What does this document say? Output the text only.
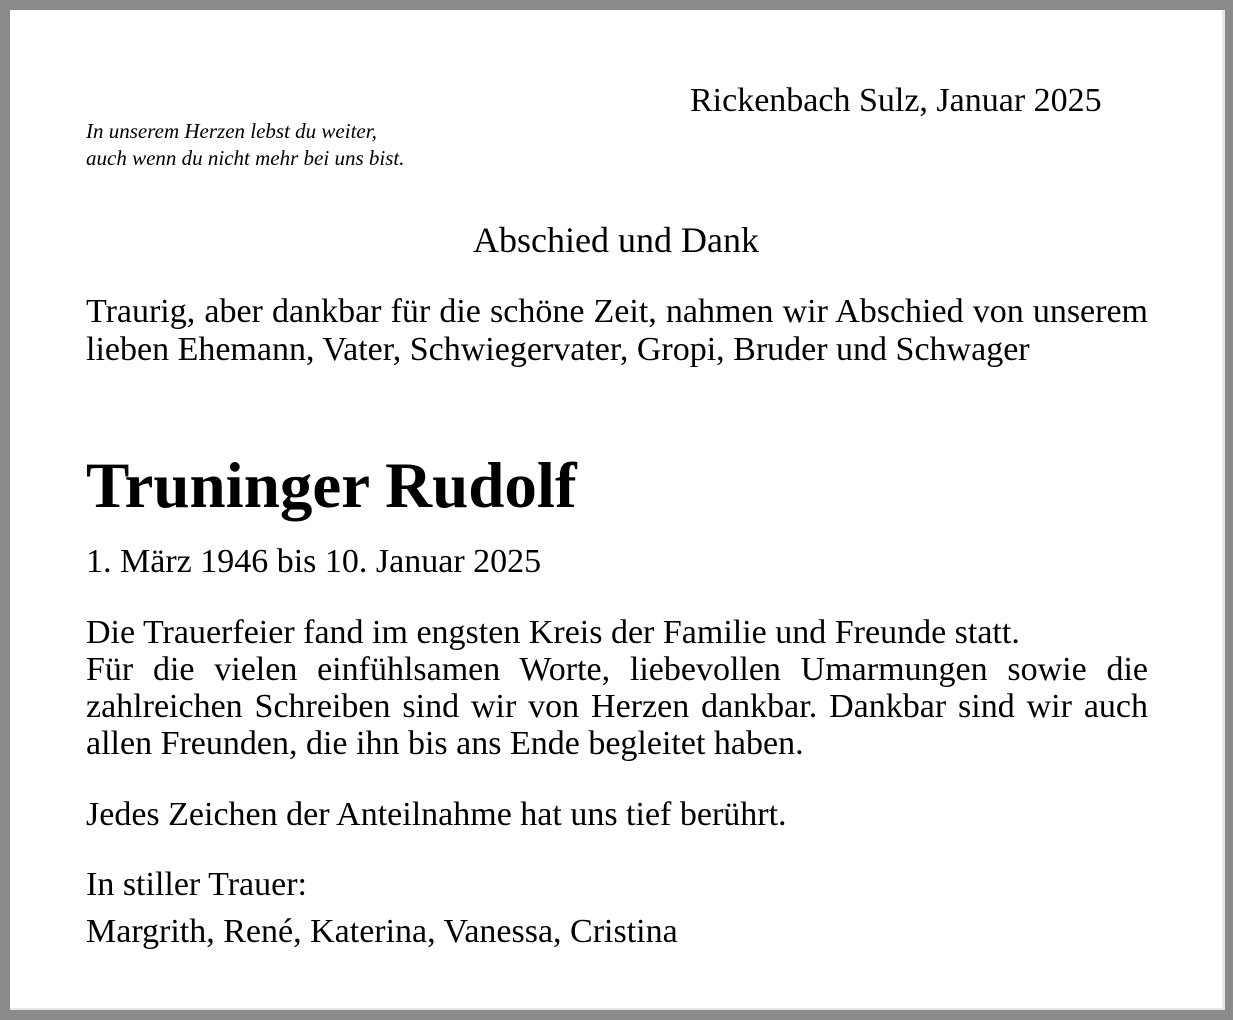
Rickenbach Sulz, Januar 2025
In unserem Herzen lebst du weiter,
auch wenn du nicht mehr bei uns bist.
Abschied und Dank
Traurig, aber dankbar für die schöne Zeit, nahmen wir Abschied von unserem lieben Ehemann, Vater, Schwiegervater, Gropi, Bruder und Schwager
Truninger Rudolf
1. März 1946 bis 10. Januar 2025

Die Trauerfeier fand im engsten Kreis der Familie und Freunde statt.

Für die vielen einfühlsamen Worte, liebevollen Umarmungen sowie die zahlreichen Schreiben sind wir von Herzen dankbar. Dankbar sind wir auch allen Freunden, die ihn bis ans Ende begleitet haben.

Jedes Zeichen der Anteilnahme hat uns tief berührt.
In stiller Trauer:
Margrith, René, Katerina, Vanessa, Cristina
